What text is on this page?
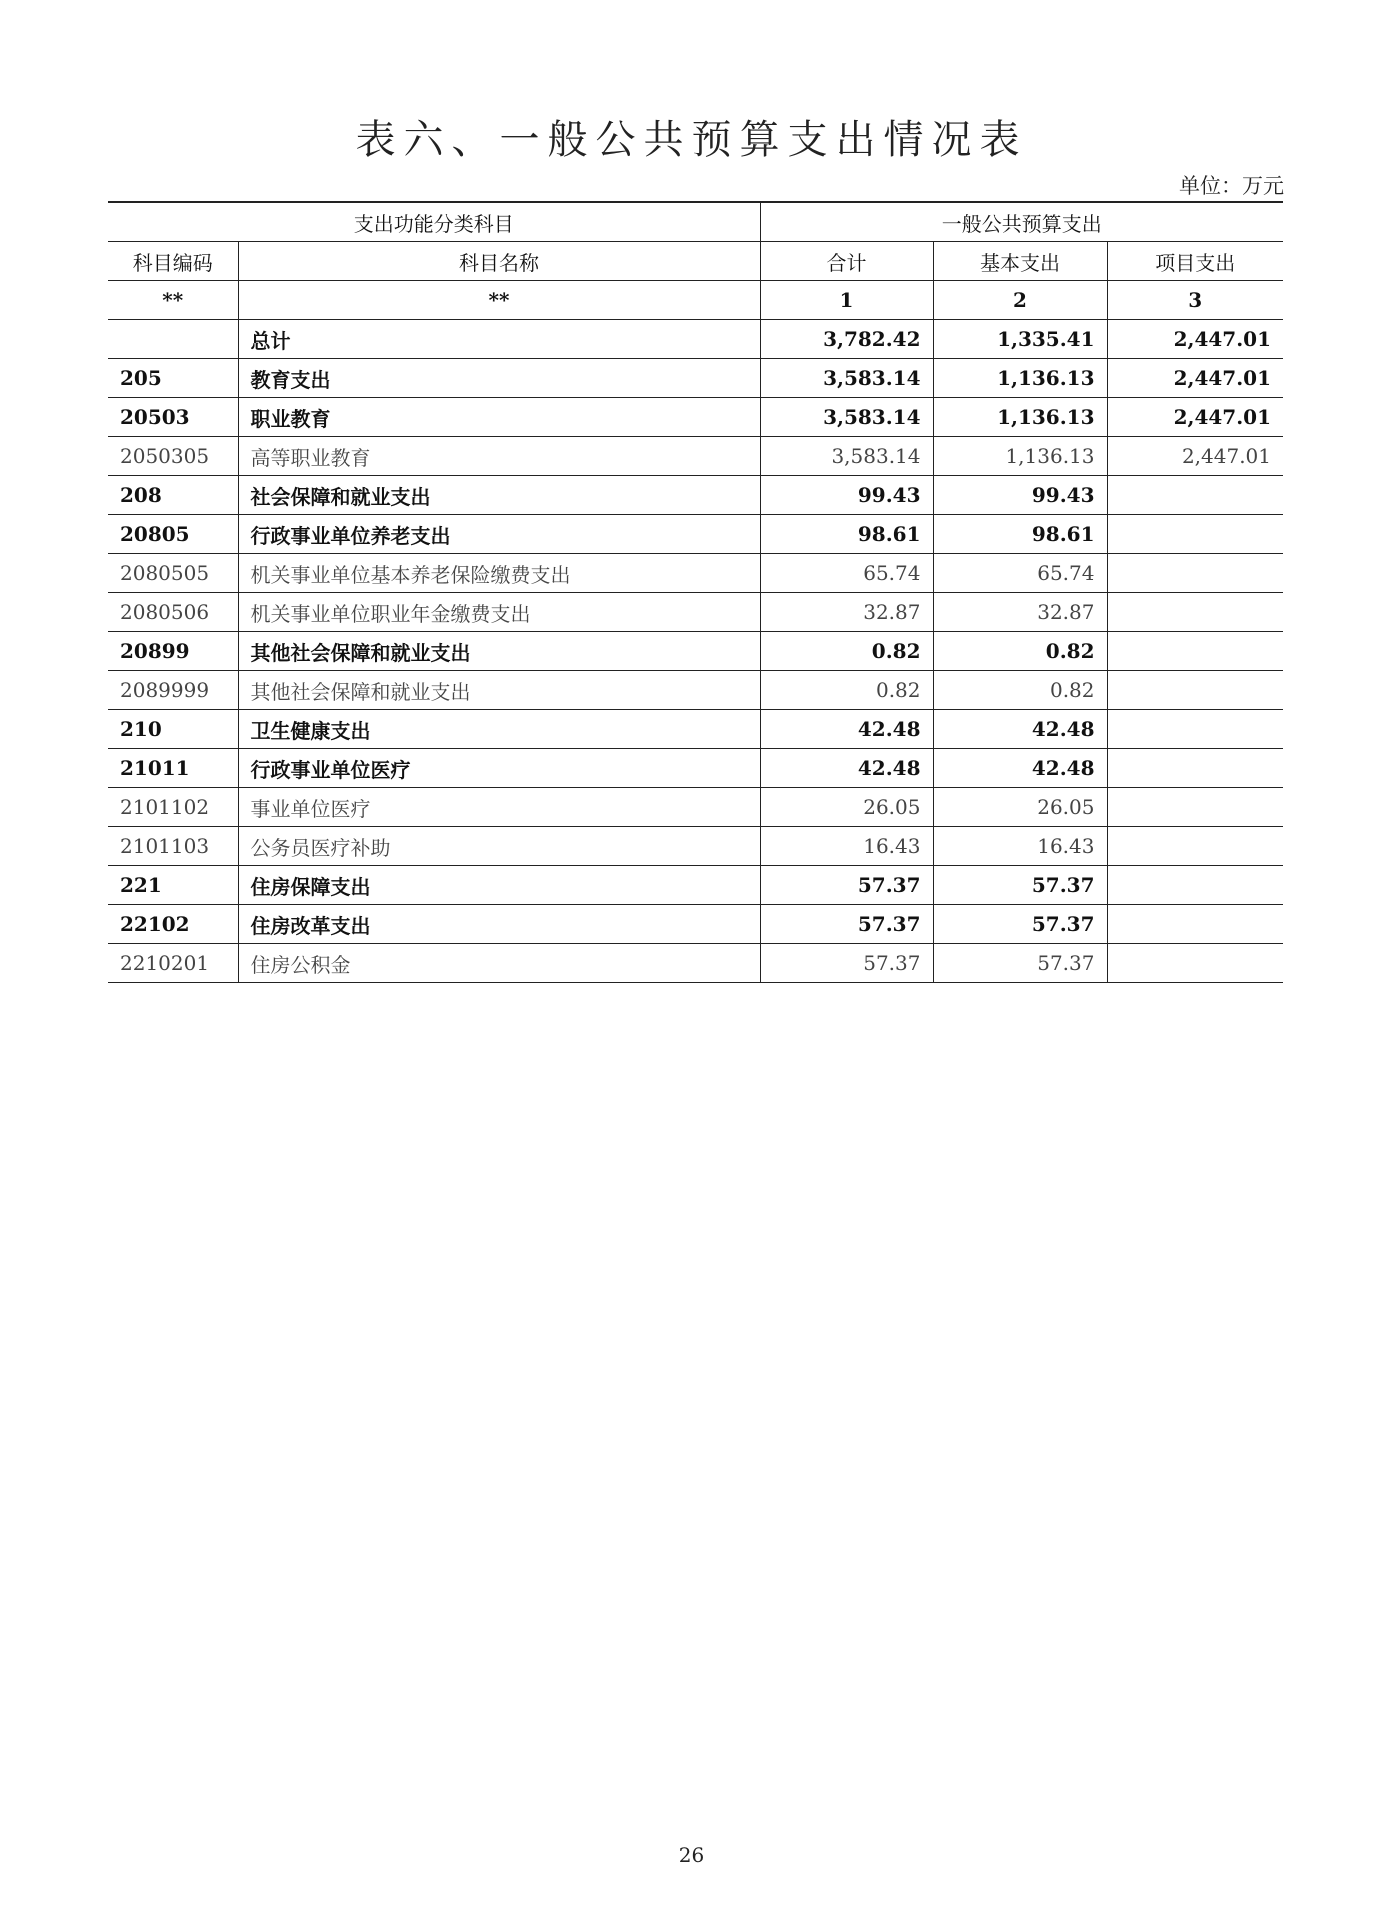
表六、一般公共预算支出情况表
单位：万元
支出功能分类科目		一般公共预算支出		
科目编码	科目名称	合计	基本支出	项目支出
**	**	1	2	3
	总计	3,782.42	1,335.41	2,447.01
205	教育支出	3,583.14	1,136.13	2,447.01
20503	职业教育	3,583.14	1,136.13	2,447.01
2050305	高等职业教育	3,583.14	1,136.13	2,447.01
208	社会保障和就业支出	99.43	99.43	
20805	行政事业单位养老支出	98.61	98.61	
2080505	机关事业单位基本养老保险缴费支出	65.74	65.74	
2080506	机关事业单位职业年金缴费支出	32.87	32.87	
20899	其他社会保障和就业支出	0.82	0.82	
2089999	其他社会保障和就业支出	0.82	0.82	
210	卫生健康支出	42.48	42.48	
21011	行政事业单位医疗	42.48	42.48	
2101102	事业单位医疗	26.05	26.05	
2101103	公务员医疗补助	16.43	16.43	
221	住房保障支出	57.37	57.37	
22102	住房改革支出	57.37	57.37	
2210201	住房公积金	57.37	57.37	
26
